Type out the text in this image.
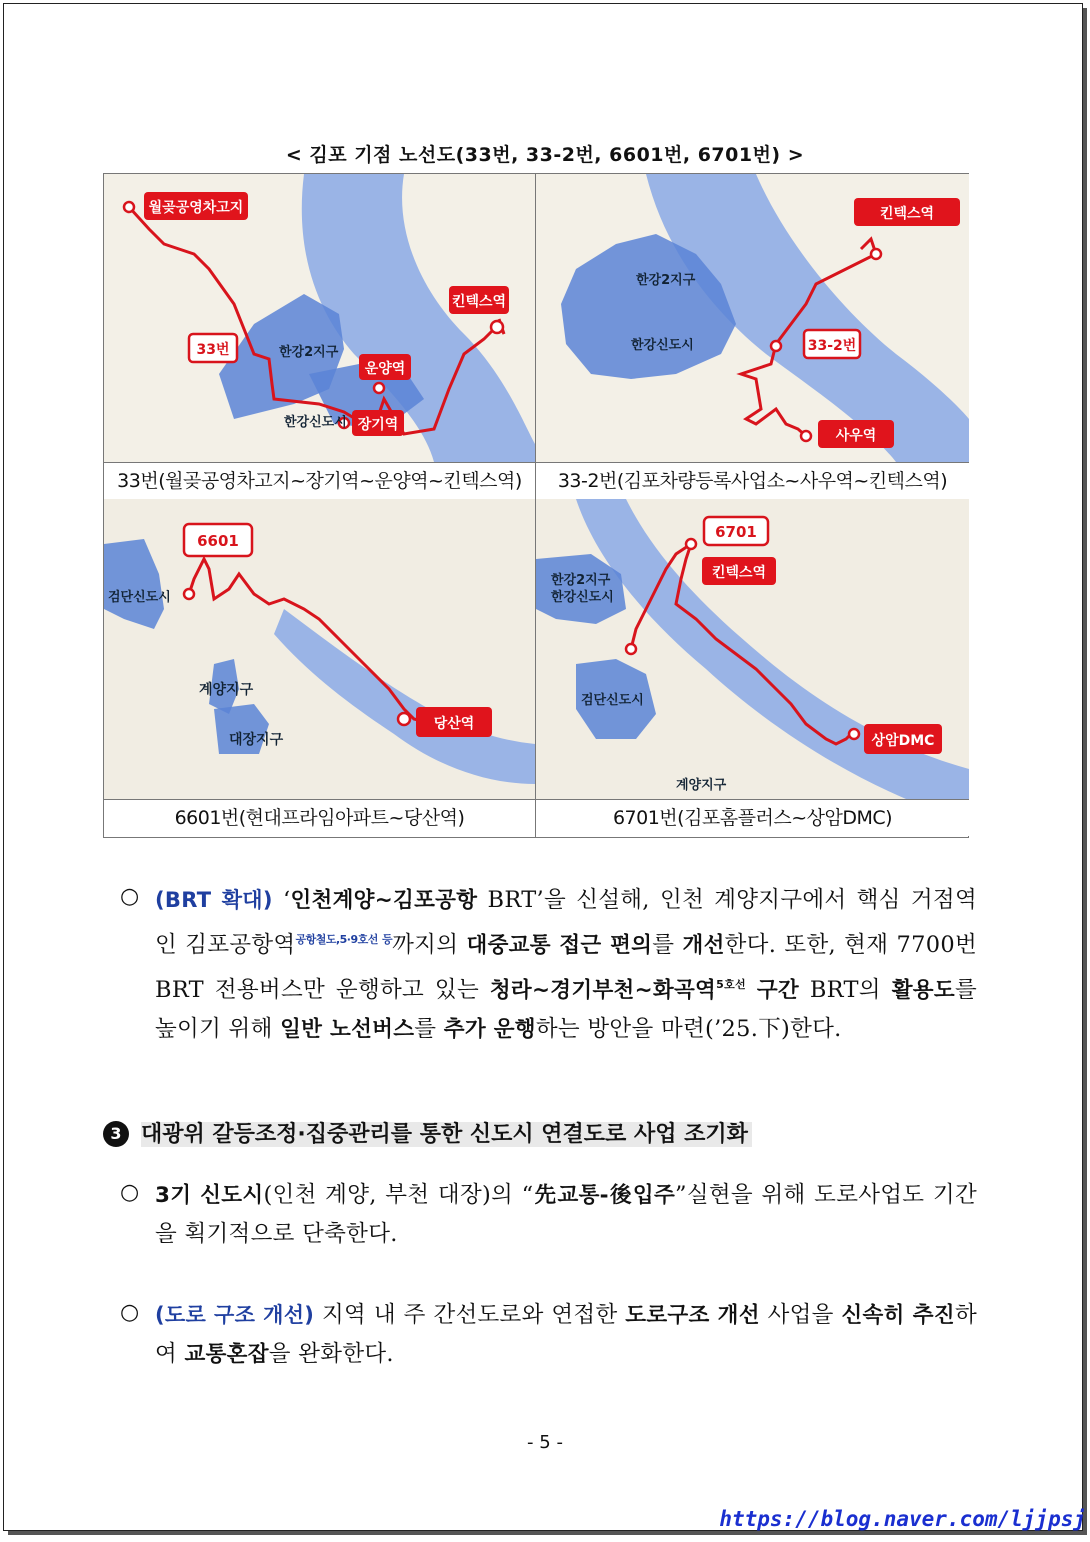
< 김포 기점 노선도(33번, 33-2번, 6601번, 6701번) >
월곶공영차고지
33번
킨텍스역
운양역
장기역
한강2지구
한강신도시
33번(월곶공영차고지~장기역~운양역~킨텍스역)
킨텍스역
33-2번
사우역
한강2지구
한강신도시
33-2번(김포차량등록사업소~사우역~킨텍스역)
6601
당산역
검단신도시
계양지구
대장지구
6601번(현대프라임아파트~당산역)
6701
킨텍스역
상암DMC
한강2지구
한강신도시
검단신도시
계양지구
6701번(김포홈플러스~상암DMC)
○ (BRT 확대) ‘인천계양~김포공항 BRT’을 신설해, 인천 계양지구에서 핵심 거점역인 김포공항역$^{공항철도,5\cdot 9호선 등}$까지의 대중교통 접근 편의를 개선한다. 또한, 현재 7700번 BRT 전용버스만 운행하고 있는 청라~경기부천~화곡역$^{5호선}$ 구간 BRT의 활용도를 높이기 위해 일반 노선버스를 추가 운행하는 방안을 마련(’25.下)한다.
3 대광위 갈등조정·집중관리를 통한 신도시 연결도로 사업 조기화
○ 3기 신도시(인천 계양, 부천 대장)의 “先교통-後입주”실현을 위해 도로사업도 기간을 획기적으로 단축한다.
○ (도로 구조 개선) 지역 내 주 간선도로와 연접한 도로구조 개선 사업을 신속히 추진하여 교통혼잡을 완화한다.
- 5 -
https://blog.naver.com/ljjpsj
